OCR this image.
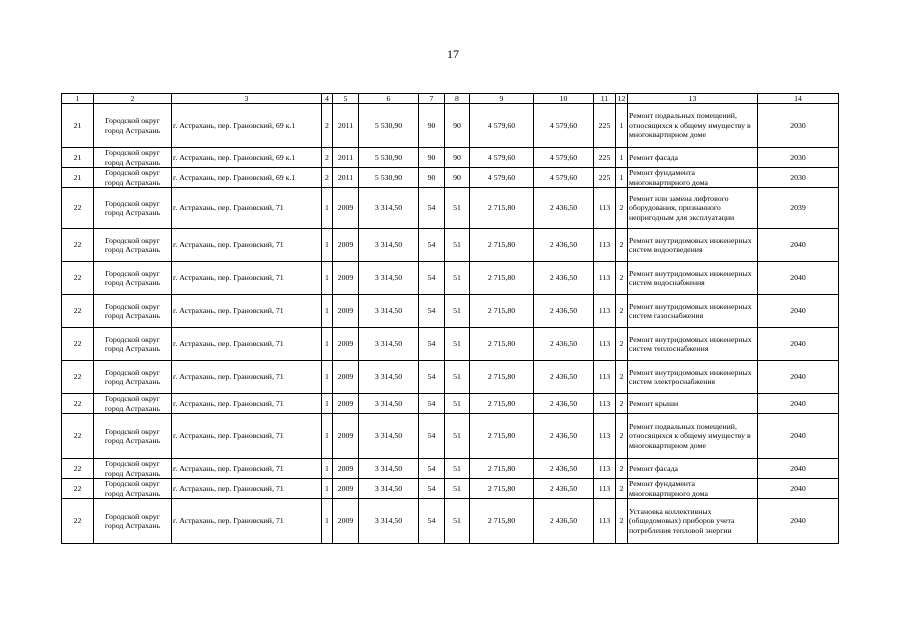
17
1	2	3	4	5	6	7	8	9	10	11	12	13	14
21	Городской округ город Астрахань	г. Астрахань, пер. Грановский, 69 к.1	2	2011	5 530,90	90	90	4 579,60	4 579,60	225	1	Ремонт подвальных помещений, относящихся к общему имуществу в многоквартирном доме	2030
21	Городской округ город Астрахань	г. Астрахань, пер. Грановский, 69 к.1	2	2011	5 530,90	90	90	4 579,60	4 579,60	225	1	Ремонт фасада	2030
21	Городской округ город Астрахань	г. Астрахань, пер. Грановский, 69 к.1	2	2011	5 530,90	90	90	4 579,60	4 579,60	225	1	Ремонт фундамента многоквартирного дома	2030
22	Городской округ город Астрахань	г. Астрахань, пер. Грановский, 71	1	2009	3 314,50	54	51	2 715,80	2 436,50	113	2	Ремонт или замена лифтового оборудования, признанного непригодным для эксплуатации	2039
22	Городской округ город Астрахань	г. Астрахань, пер. Грановский, 71	1	2009	3 314,50	54	51	2 715,80	2 436,50	113	2	Ремонт внутридомовых инженерных систем водоотведения	2040
22	Городской округ город Астрахань	г. Астрахань, пер. Грановский, 71	1	2009	3 314,50	54	51	2 715,80	2 436,50	113	2	Ремонт внутридомовых инженерных систем водоснабжения	2040
22	Городской округ город Астрахань	г. Астрахань, пер. Грановский, 71	1	2009	3 314,50	54	51	2 715,80	2 436,50	113	2	Ремонт внутридомовых инженерных систем газоснабжения	2040
22	Городской округ город Астрахань	г. Астрахань, пер. Грановский, 71	1	2009	3 314,50	54	51	2 715,80	2 436,50	113	2	Ремонт внутридомовых инженерных систем теплоснабжения	2040
22	Городской округ город Астрахань	г. Астрахань, пер. Грановский, 71	1	2009	3 314,50	54	51	2 715,80	2 436,50	113	2	Ремонт внутридомовых инженерных систем электроснабжения	2040
22	Городской округ город Астрахань	г. Астрахань, пер. Грановский, 71	1	2009	3 314,50	54	51	2 715,80	2 436,50	113	2	Ремонт крыши	2040
22	Городской округ город Астрахань	г. Астрахань, пер. Грановский, 71	1	2009	3 314,50	54	51	2 715,80	2 436,50	113	2	Ремонт подвальных помещений, относящихся к общему имуществу в многоквартирном доме	2040
22	Городской округ город Астрахань	г. Астрахань, пер. Грановский, 71	1	2009	3 314,50	54	51	2 715,80	2 436,50	113	2	Ремонт фасада	2040
22	Городской округ город Астрахань	г. Астрахань, пер. Грановский, 71	1	2009	3 314,50	54	51	2 715,80	2 436,50	113	2	Ремонт фундамента многоквартирного дома	2040
22	Городской округ город Астрахань	г. Астрахань, пер. Грановский, 71	1	2009	3 314,50	54	51	2 715,80	2 436,50	113	2	Установка коллективных (общедомовых) приборов учета потребления тепловой энергии	2040
